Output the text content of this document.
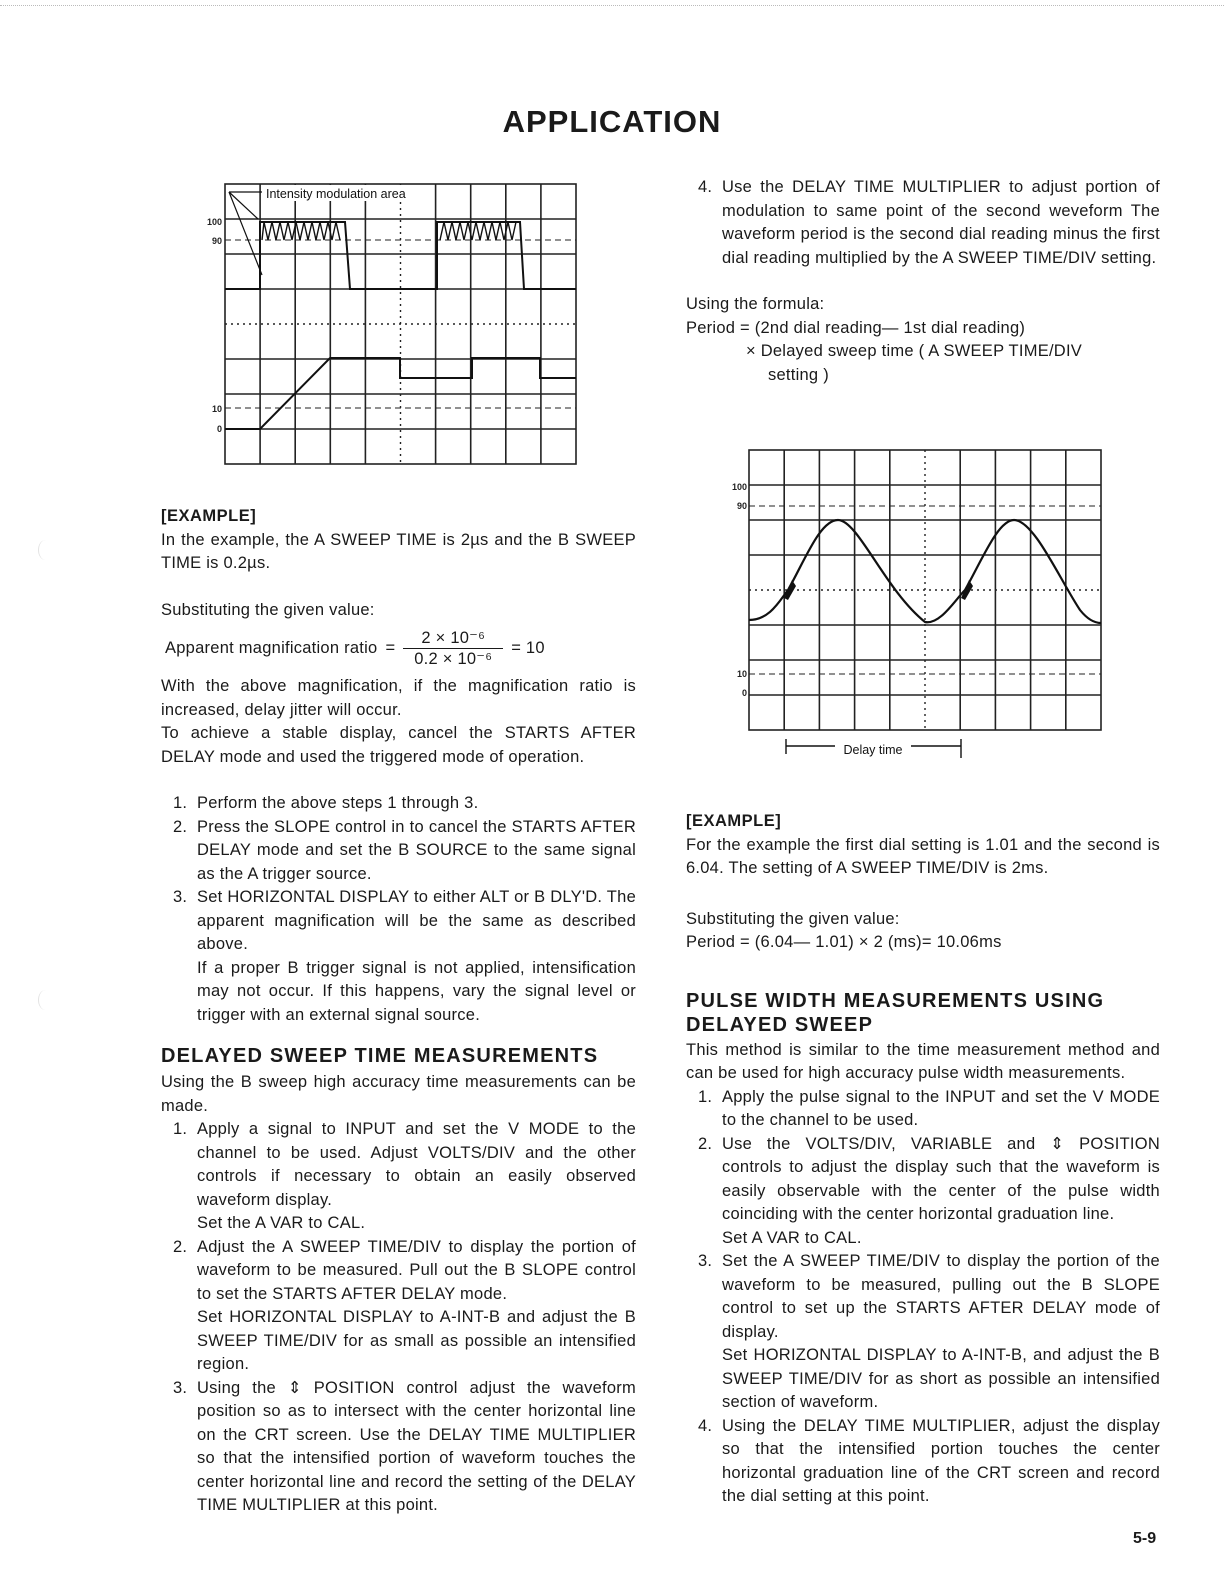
APPLICATION
100
90
10
0
Intensity modulation area
100
90
10
0
Delay time

[EXAMPLE]

In the example, the A SWEEP TIME is 2µs and the B SWEEP TIME is 0.2µs.

Substituting the given value:

Apparent magnification ratio = $\frac{\text{2 × 10⁻⁶}}{\text{0.2 × 10⁻⁶}} = 10$

With the above magnification, if the magnification ratio is increased, delay jitter will occur.

To achieve a stable display, cancel the STARTS AFTER DELAY mode and used the triggered mode of operation.

1. Perform the above steps 1 through 3.

2. Press the SLOPE control in to cancel the STARTS AFTER DELAY mode and set the B SOURCE to the same signal as the A trigger source.

3. Set HORIZONTAL DISPLAY to either ALT or B DLY'D. The apparent magnification will be the same as described above.

If a proper B trigger signal is not applied, intensification may not occur. If this happens, vary the signal level or trigger with an external signal source.

DELAYED SWEEP TIME MEASUREMENTS

Using the B sweep high accuracy time measurements can be made.

1. Apply a signal to INPUT and set the V MODE to the channel to be used. Adjust VOLTS/DIV and the other controls if necessary to obtain an easily observed waveform display.

Set the A VAR to CAL.

2. Adjust the A SWEEP TIME/DIV to display the portion of waveform to be measured. Pull out the B SLOPE control to set the STARTS AFTER DELAY mode.

Set HORIZONTAL DISPLAY to A-INT-B and adjust the B SWEEP TIME/DIV for as small as possible an intensified region.

3. Using the ⇕ POSITION control adjust the waveform position so as to intersect with the center horizontal line on the CRT screen. Use the DELAY TIME MULTIPLIER so that the intensified portion of waveform touches the center horizontal line and record the setting of the DELAY TIME MULTIPLIER at this point.

4. Use the DELAY TIME MULTIPLIER to adjust portion of modulation to same point of the second weveform The waveform period is the second dial reading minus the first dial reading multiplied by the A SWEEP TIME/DIV setting.

Using the formula:

Period = (2nd dial reading— 1st dial reading)

× Delayed sweep time ( A SWEEP TIME/DIV

setting )

[EXAMPLE]

For the example the first dial setting is 1.01 and the second is 6.04. The setting of A SWEEP TIME/DIV is 2ms.

Substituting the given value:

Period = (6.04— 1.01) × 2 (ms)= 10.06ms

PULSE WIDTH MEASUREMENTS USING DELAYED SWEEP

This method is similar to the time measurement method and can be used for high accuracy pulse width measurements.

1. Apply the pulse signal to the INPUT and set the V MODE to the channel to be used.

2. Use the VOLTS/DIV, VARIABLE and ⇕ POSITION controls to adjust the display such that the waveform is easily observable with the center of the pulse width coinciding with the center horizontal graduation line.

Set A VAR to CAL.

3. Set the A SWEEP TIME/DIV to display the portion of the waveform to be measured, pulling out the B SLOPE control to set up the STARTS AFTER DELAY mode of display.

Set HORIZONTAL DISPLAY to A-INT-B, and adjust the B SWEEP TIME/DIV for as short as possible an intensified section of waveform.

4. Using the DELAY TIME MULTIPLIER, adjust the display so that the intensified portion touches the center horizontal graduation line of the CRT screen and record the dial setting at this point.

5-9
